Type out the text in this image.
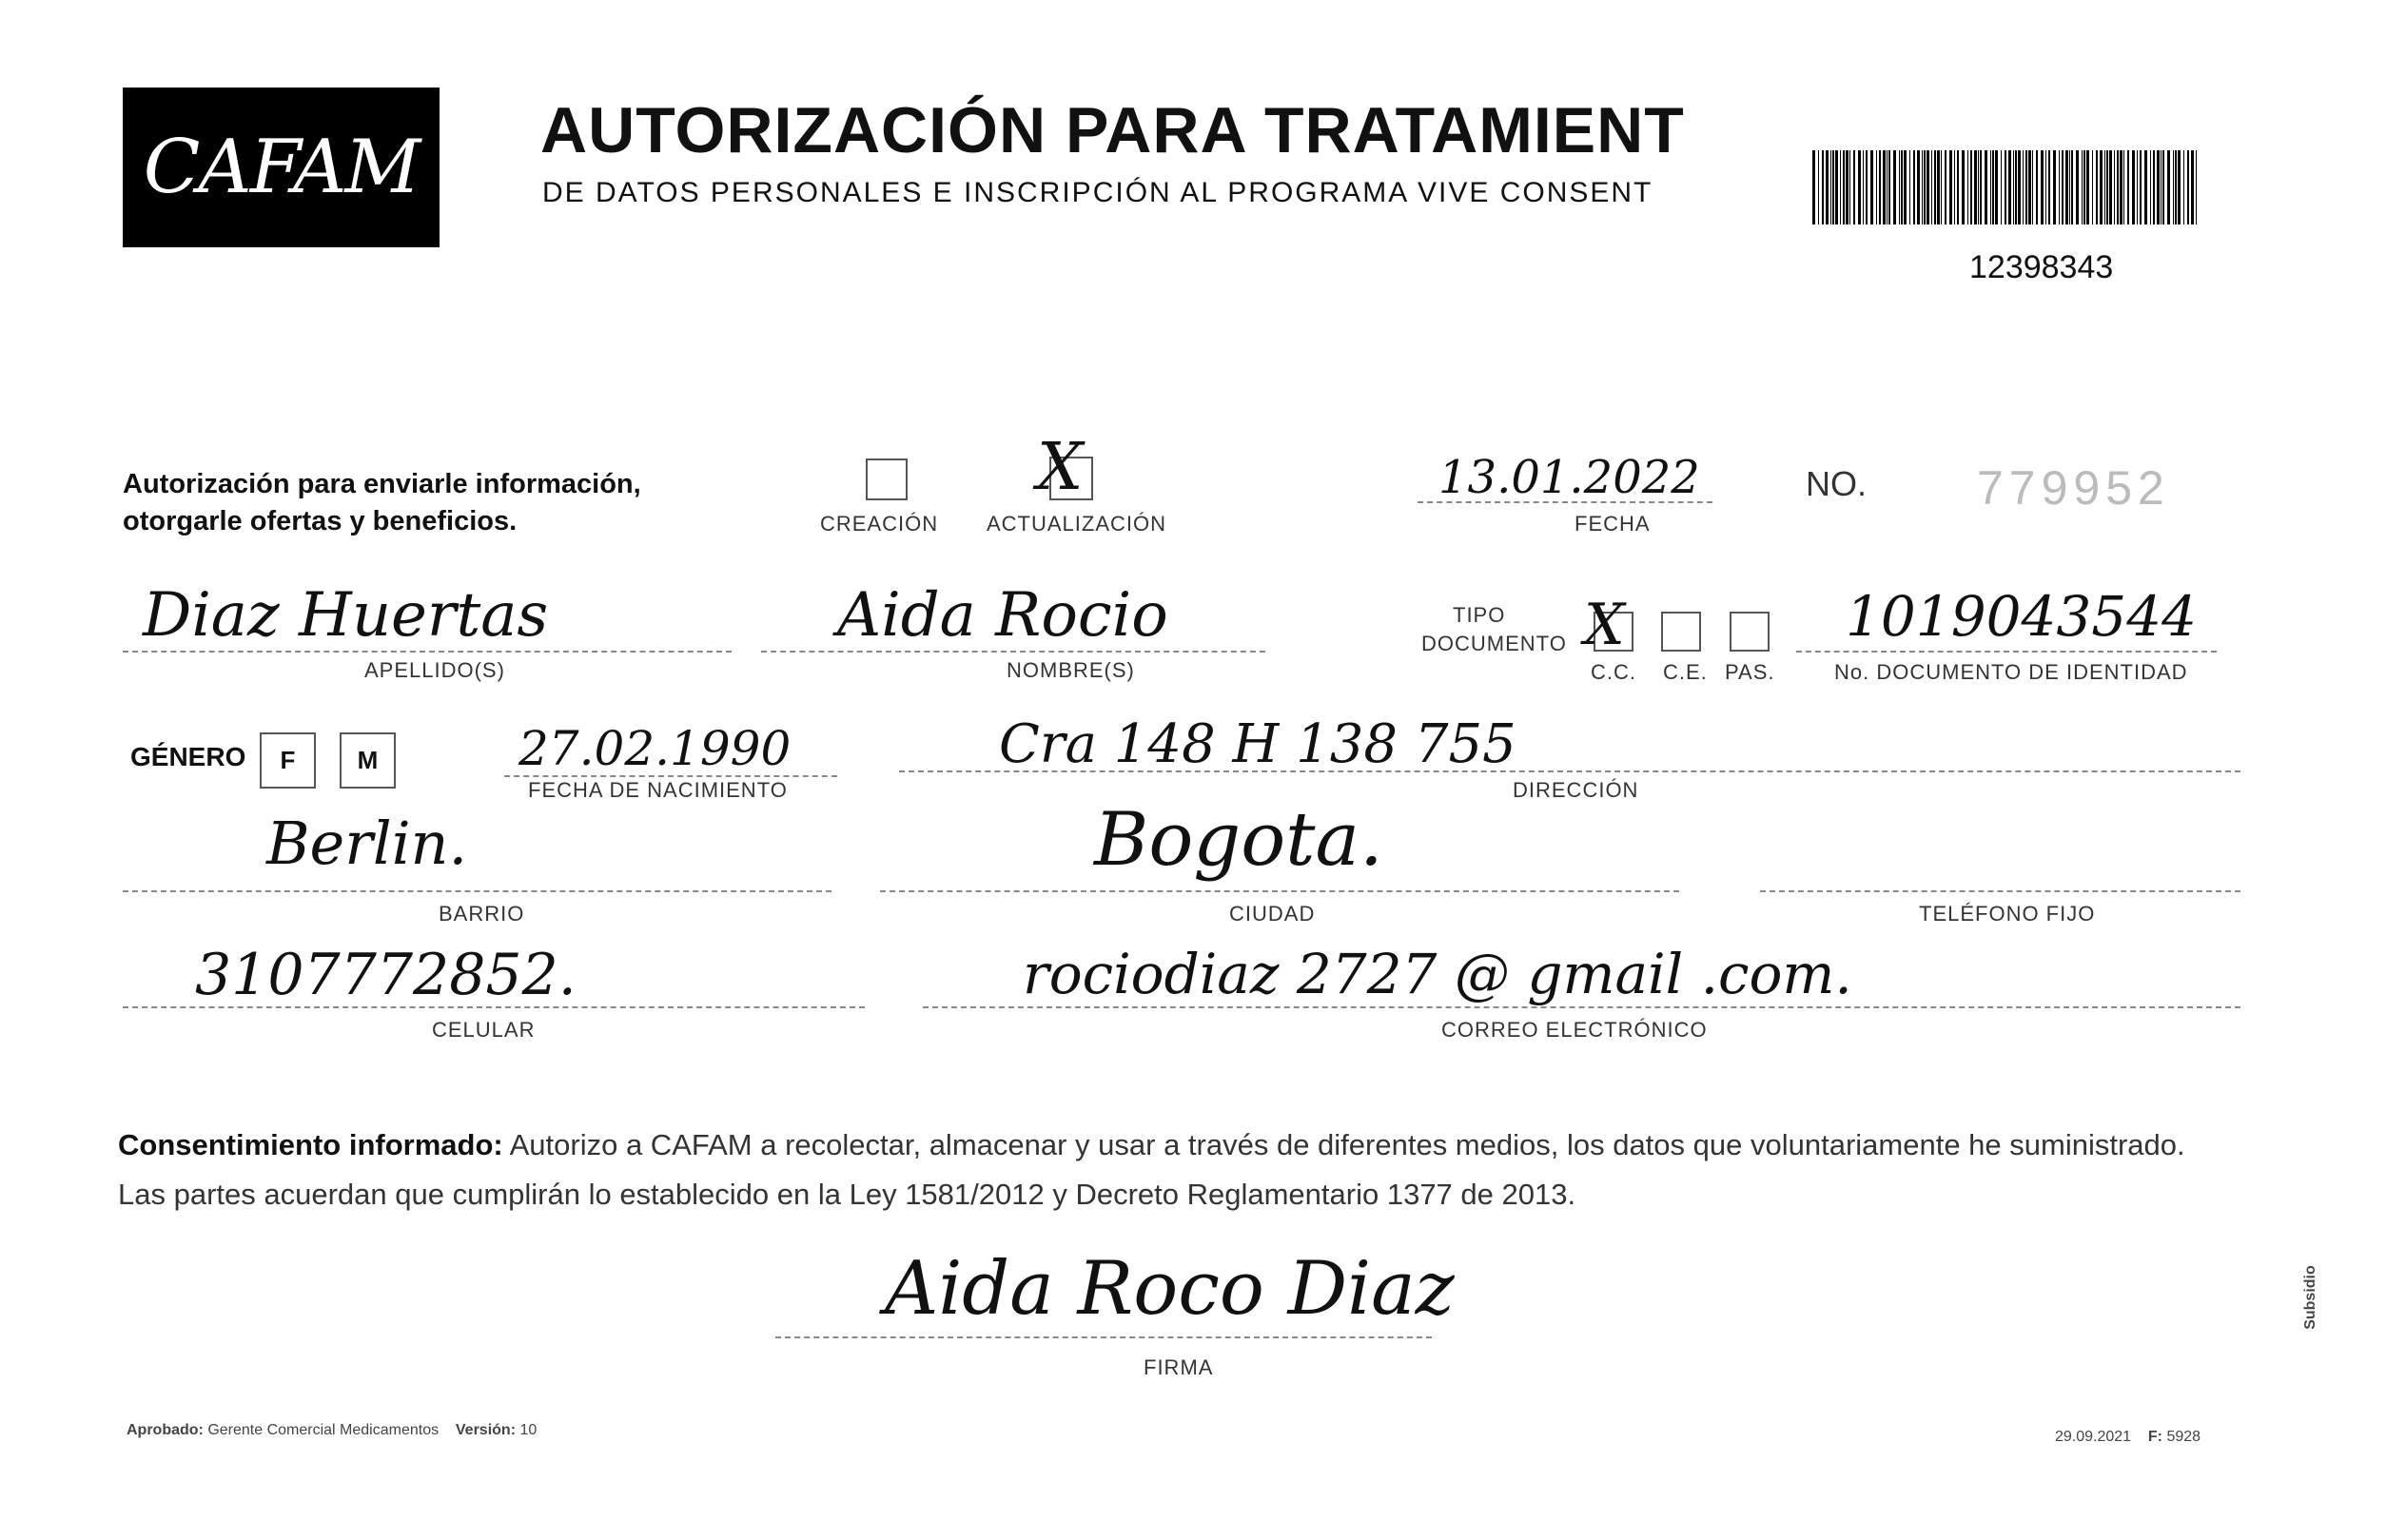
CAFAM	AUTORIZACIÓN PARA TRATAMIENT
DE DATOS PERSONALES E INSCRIPCIÓN AL PROGRAMA VIVE CONSENT
12398343
Autorización para enviarle información,
otorgarle ofertas y beneficios.	CREACIÓN
X
ACTUALIZACIÓN
13.01.2022
FECHA
NO. 779952
Diaz Huertas
APELLIDO(S)
Aida Rocio
NOMBRE(S)
TIPO
DOCUMENTO X
C.C. C.E. PAS.
1019043544
No. DOCUMENTO DE IDENTIDAD
GÉNERO	F	M	27.02.1990
FECHA DE NACIMIENTO
Cra 148 H 138 755
DIRECCIÓN
Berlin.
BARRIO
Bogota.
CIUDAD	TELÉFONO FIJO
3107772852.
CELULAR
rociodiaz 2727 @ gmail .com.
CORREO ELECTRÓNICO
Consentimiento informado: Autorizo a CAFAM a recolectar, almacenar y usar a través de diferentes medios, los datos que voluntariamente he suministrado.
Las partes acuerdan que cumplirán lo establecido en la Ley 1581/2012 y Decreto Reglamentario 1377 de 2013.
Aida Roco Diaz
FIRMA
Aprobado: Gerente Comercial Medicamentos Versión: 10	29.09.2021 F: 5928
Subsidio
